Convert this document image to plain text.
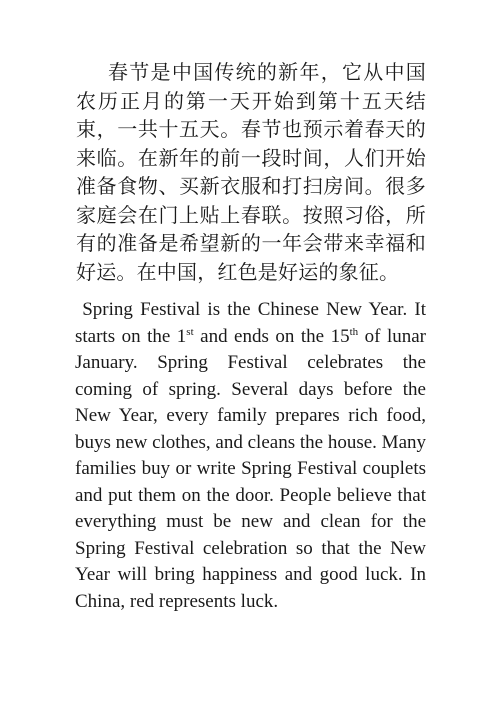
春节是中国传统的新年，它从中国农历正月的第一天开始到第十五天结束，一共十五天。春节也预示着春天的来临。在新年的前一段时间，人们开始准备食物、买新衣服和打扫房间。很多家庭会在门上贴上春联。按照习俗，所有的准备是希望新的一年会带来幸福和好运。在中国，红色是好运的象征。

Spring Festival is the Chinese New Year. It starts on the 1st and ends on the 15th of lunar January. Spring Festival celebrates the coming of spring. Several days before the New Year, every family prepares rich food, buys new clothes, and cleans the house. Many families buy or write Spring Festival couplets and put them on the door. People believe that everything must be new and clean for the Spring Festival celebration so that the New Year will bring happiness and good luck. In China, red represents luck.
